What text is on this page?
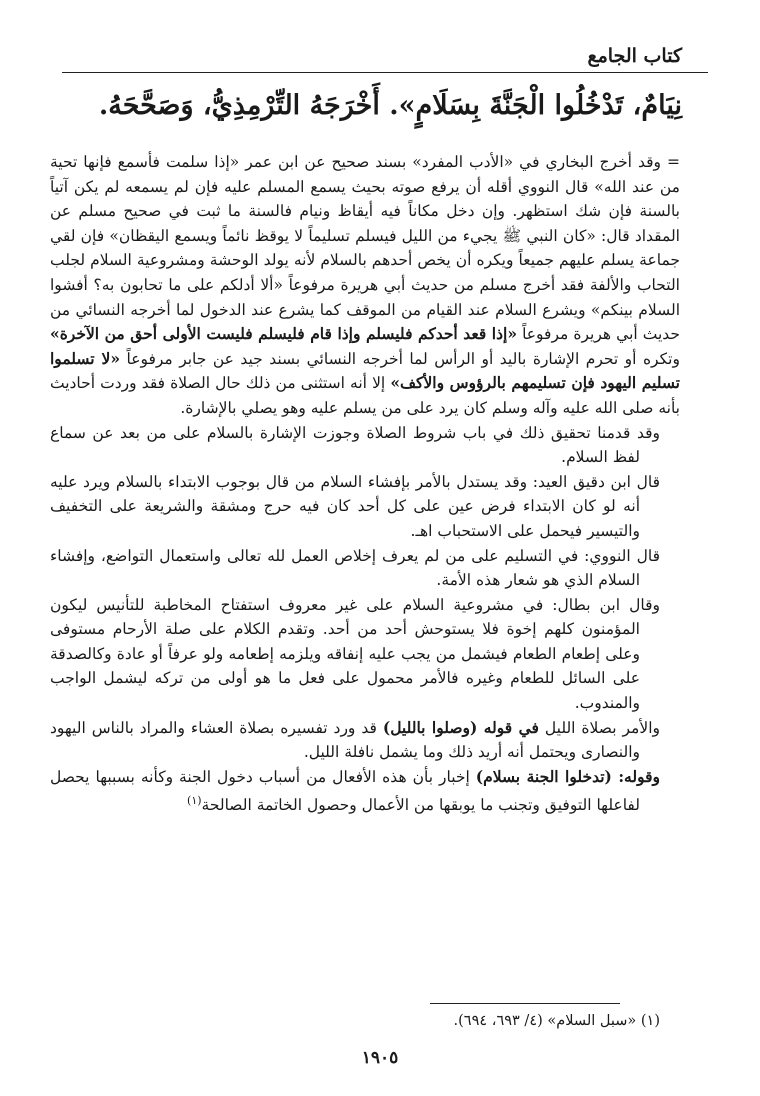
كتاب الجامع
نِيَامٌ، تَدْخُلُوا الْجَنَّةَ بِسَلَامٍ». أَخْرَجَهُ التِّرْمِذِيُّ، وَصَحَّحَهُ.

= وقد أخرج البخاري في «الأدب المفرد» بسند صحيح عن ابن عمر «إذا سلمت فأسمع فإنها تحية من عند الله» قال النووي أقله أن يرفع صوته بحيث يسمع المسلم عليه فإن لم يسمعه لم يكن آتياً بالسنة فإن شك استظهر. وإن دخل مكاناً فيه أيقاظ ونيام فالسنة ما ثبت في صحيح مسلم عن المقداد قال: «كان النبي ﷺ يجيء من الليل فيسلم تسليماً لا يوقظ نائماً ويسمع اليقظان» فإن لقي جماعة يسلم عليهم جميعاً ويكره أن يخص أحدهم بالسلام لأنه يولد الوحشة ومشروعية السلام لجلب التحاب والألفة فقد أخرج مسلم من حديث أبي هريرة مرفوعاً «ألا أدلكم على ما تحابون به؟ أفشوا السلام بينكم» ويشرع السلام عند القيام من الموقف كما يشرع عند الدخول لما أخرجه النسائي من حديث أبي هريرة مرفوعاً «إذا قعد أحدكم فليسلم وإذا قام فليسلم فليست الأولى أحق من الآخرة» وتكره أو تحرم الإشارة باليد أو الرأس لما أخرجه النسائي بسند جيد عن جابر مرفوعاً «لا تسلموا تسليم اليهود فإن تسليمهم بالرؤوس والأكف» إلا أنه استثنى من ذلك حال الصلاة فقد وردت أحاديث بأنه صلى الله عليه وآله وسلم كان يرد على من يسلم عليه وهو يصلي بالإشارة.

وقد قدمنا تحقيق ذلك في باب شروط الصلاة وجوزت الإشارة بالسلام على من بعد عن سماع لفظ السلام.

قال ابن دقيق العيد: وقد يستدل بالأمر بإفشاء السلام من قال بوجوب الابتداء بالسلام ويرد عليه أنه لو كان الابتداء فرض عين على كل أحد كان فيه حرج ومشقة والشريعة على التخفيف والتيسير فيحمل على الاستحباب اهـ.

قال النووي: في التسليم على من لم يعرف إخلاص العمل لله تعالى واستعمال التواضع، وإفشاء السلام الذي هو شعار هذه الأمة.

وقال ابن بطال: في مشروعية السلام على غير معروف استفتاح المخاطبة للتأنيس ليكون المؤمنون كلهم إخوة فلا يستوحش أحد من أحد. وتقدم الكلام على صلة الأرحام مستوفى وعلى إطعام الطعام فيشمل من يجب عليه إنفاقه ويلزمه إطعامه ولو عرفاً أو عادة وكالصدقة على السائل للطعام وغيره فالأمر محمول على فعل ما هو أولى من تركه ليشمل الواجب والمندوب.

والأمر بصلاة الليل في قوله (وصلوا بالليل) قد ورد تفسيره بصلاة العشاء والمراد بالناس اليهود والنصارى ويحتمل أنه أريد ذلك وما يشمل نافلة الليل.

وقوله: (تدخلوا الجنة بسلام) إخبار بأن هذه الأفعال من أسباب دخول الجنة وكأنه بسببها يحصل لفاعلها التوفيق وتجنب ما يوبقها من الأعمال وحصول الخاتمة الصالحة$^{(١)}$

(١) «سبل السلام» (٤/ ٦٩٣، ٦٩٤).
١٩٠٥
